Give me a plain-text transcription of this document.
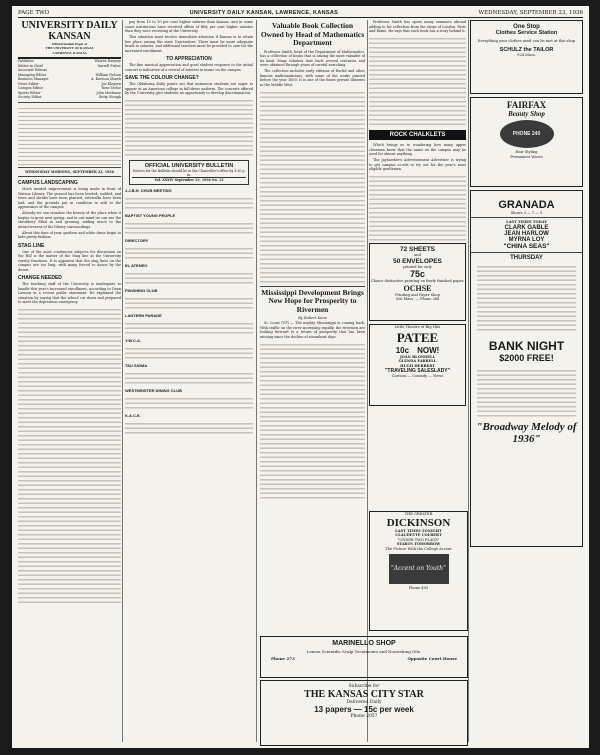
PAGE TWO	UNIVERSITY DAILY KANSAN, LAWRENCE, KANSAS	WEDNESDAY, SEPTEMBER 23, 1936
UNIVERSITY DAILY KANSAN
Official Student Paper of
THE UNIVERSITY OF KANSAS
LAWRENCE, KANSAS
Publisher	Warren Ramsey
Editor-in-Chief	Darrell Fisher
Associate Editors
Managing Editor	William Nelson
Business Manager	A. Karston Shawk
News Editor	Joe Klegsen
Campus Editor	Rose Tavlor
Sports Editor	John Mortimer
Society Editor	Betty Stough
WEDNESDAY MORNING, SEPTEMBER 23, 1936
CAMPUS LANDSCAPING

Much needed improvement is being made in front of Watson Library. The ground has been leveled, sodded, and trees and shrubs have been planted, sidewalks have been laid, and the grounds put in condition to add to the appearance of the campus.

Already we can visualize the beauty of the place when it begins to grow next spring, and in our mind we can see the shrubbery filled in and growing, adding much to the attractiveness of the library surroundings.

About this time of year, gardens and white dress begin to fade pretty fashion.

STAG LINE

One of the most continuous subjects for discussion on the Hill is the matter of the Stag line at the University varsity functions. It is apparent that the stag lines on the campus are too long, with many forced to dance by the dozen.

CHANGE NEEDED

The teaching staff of the University is inadequate to handle this year's increased enrollment, according to Dean Lawson in a recent public statement. He explained the situation by saying that the school cut down and prepared to meet the depression emergency.

pay from 15 to 10 per cent higher salaries than Kansas, and in some cases institutions have received offers of fifty per cent higher salaries than they were receiving at the University.

This situation must receive immediate attention if Kansas is to retain her place among the state Universities. There must be more adequate funds in salaries, and additional teachers must be provided to care for the increased enrollment.

TO APPRECIATION

The fine musical appreciation and good student response to the initial concert is indicative of a revival of interest in music on the campus.

SAVE THE COLOUR CHANGE?

The Oklahoma Daily points out that numerous students are eager to appear at an American college in full-dress uniform. The concerts offered by the University give students an opportunity to develop discrimination.

OFFICIAL UNIVERSITY BULLETIN
Notices for the Bulletin should be in the Chancellor's office by 3:30 p. m.
Vol. XXXIV September 23, 1936 No. 13
J.J.B.H. CHUB MEETING
BAPTIST YOUNG PEOPLE
DIRECTORY
EL ATENEO
FINISHING CLUB
LANTERN PARADE
Y.W.C.A.
TAU SIGMA
WESTMINSTER DINING CLUB
K.A.C.E.
Valuable Book Collection Owned by Head of Mathematics Department

Professor Smith, head of the Department of Mathematics, has a collection of books that is among the most valuable of its kind. Many volumes date back several centuries and were obtained through years of careful searching.

The collection includes early editions of Euclid and other famous mathematicians, with some of the works printed before the year 1600. It is one of the finest private libraries in the Middle West.

Mississippi Development Brings New Hope for Prosperity to Rivermen
By Robert Kane

St. Louis (UP) — The mighty Mississippi is coming back. With traffic on the river increasing rapidly, the rivermen are looking forward to a return of prosperity that has been missing since the decline of steamboat days.

Professor Smith has spent many summers abroad adding to his collection from the shops of London, Paris and Rome. He says that each book has a story behind it.

ROCK CHALKLETS

Which brings us to wondering how many upper classmen know that the name on the campus may be used for almost anything.

The Jayhawker's Advertisement Advertiser is trying to get campus co-eds to try out for the year's most eligible gentlemen.

72 SHEETS
and
50 ENVELOPES
printed for only
75c
Choice distinctive printing on finely finished paper.
OCHSE
Printing and Paper Shop
926 Mass. — Phone 288
Little Theatre of Big Hits
PATEE
10c NOW!
JOAN BLONDELL
GLENDA FARRELL
HUGH HERBERT
"TRAVELING SALESLADY"
Cartoon — Comedy — News
One Stop
Clothes Service Station
Everything your clothes need can be met at this shop
SCHULZ the TAILOR
924 Mass.
FAIRFAX
Beauty Shop
PHONE 240
Hair Styling
Permanent Waves

GRANADA
Shows 3 — 7 — 9
LAST TIMES TODAY
CLARK GABLE
JEAN HARLOW
MYRNA LOY
"CHINA SEAS"
THURSDAY
BANK NIGHT
$2000 FREE!
"Broadway Melody of 1936"
THE GREATER
DICKINSON
LAST TIMES TONIGHT
CLAUDETTE COLBERT
"UNDER TWO FLAGS"
STARTS TOMORROW
The Picture With the College Accent
"Accent on Youth"
Phone 493
MARINELLO SHOP
Lemon Scientific Scalp Treatments and Nourishing Oils.
Phone 273	Opposite Court House
Subscribe for
THE KANSAS CITY STAR
Delivered Daily
13 papers — 15c per week
Phone 2057
